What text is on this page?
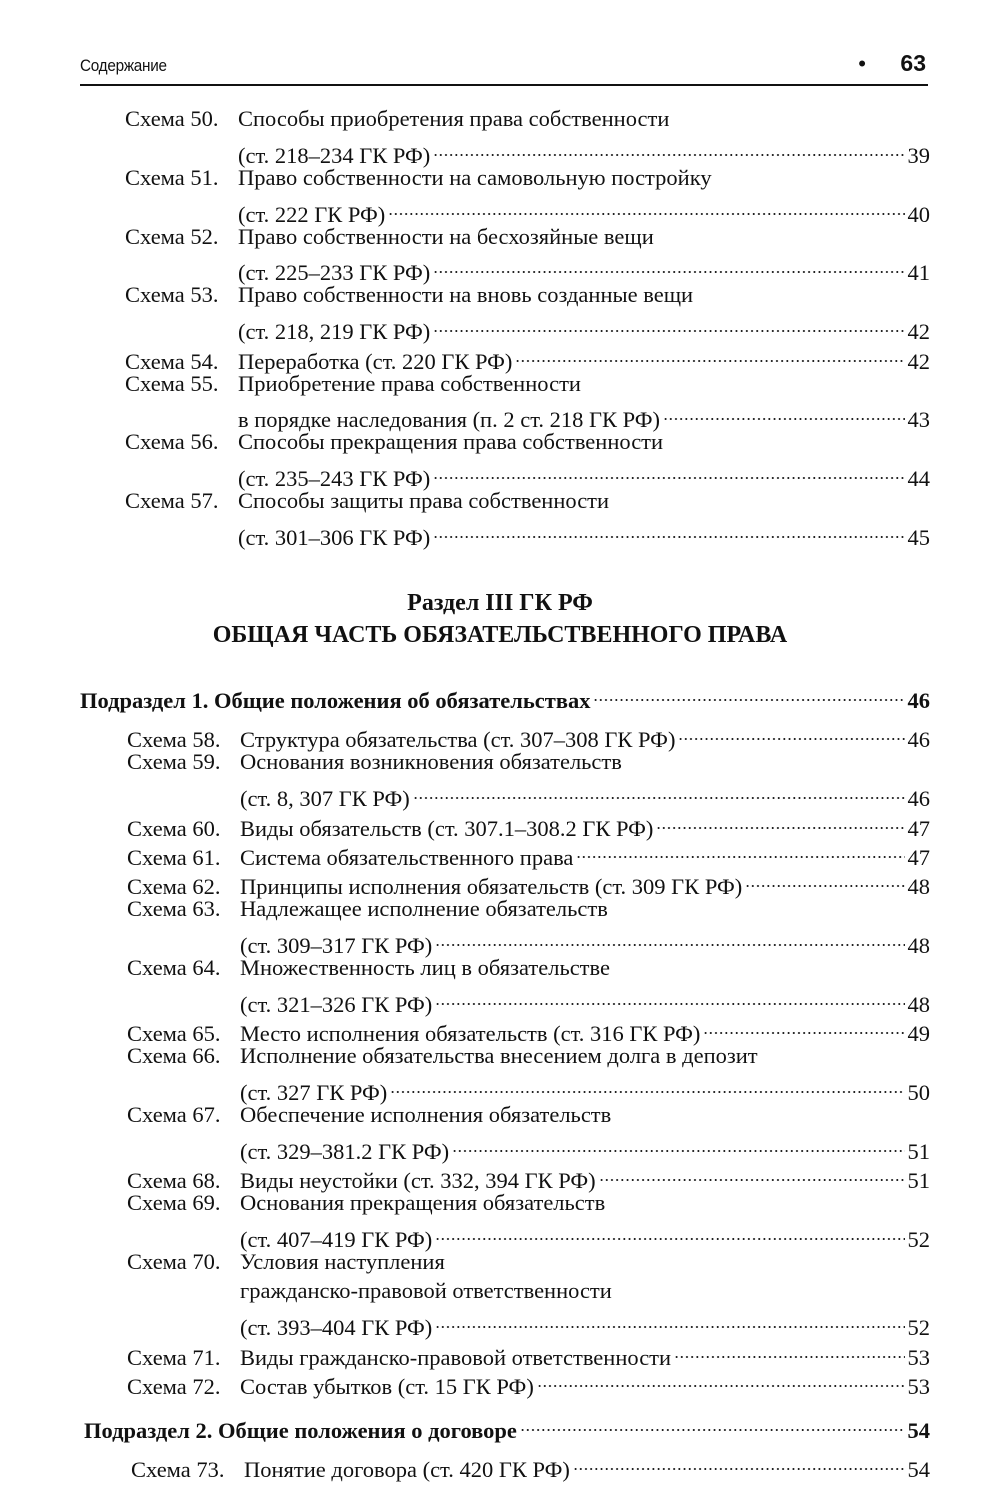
Содержание	• 63
Схема 50. Способы приобретения права собственности
(ст. 218–234 ГК РФ)	39
Схема 51. Право собственности на самовольную постройку
(ст. 222 ГК РФ)	40
Схема 52. Право собственности на бесхозяйные вещи
(ст. 225–233 ГК РФ)	41
Схема 53. Право собственности на вновь созданные вещи
(ст. 218, 219 ГК РФ)	42
Схема 54. Переработка (ст. 220 ГК РФ)	42
Схема 55. Приобретение права собственности
в порядке наследования (п. 2 ст. 218 ГК РФ)	43
Схема 56. Способы прекращения права собственности
(ст. 235–243 ГК РФ)	44
Схема 57. Способы защиты права собственности
(ст. 301–306 ГК РФ)	45
Раздел III ГК РФ
ОБЩАЯ ЧАСТЬ ОБЯЗАТЕЛЬСТВЕННОГО ПРАВА
Подраздел 1. Общие положения об обязательствах	46
Схема 58. Структура обязательства (ст. 307–308 ГК РФ)	46
Схема 59. Основания возникновения обязательств
(ст. 8, 307 ГК РФ)	46
Схема 60. Виды обязательств (ст. 307.1–308.2 ГК РФ)	47
Схема 61. Система обязательственного права	47
Схема 62. Принципы исполнения обязательств (ст. 309 ГК РФ)	48
Схема 63. Надлежащее исполнение обязательств
(ст. 309–317 ГК РФ)	48
Схема 64. Множественность лиц в обязательстве
(ст. 321–326 ГК РФ)	48
Схема 65. Место исполнения обязательств (ст. 316 ГК РФ)	49
Схема 66. Исполнение обязательства внесением долга в депозит
(ст. 327 ГК РФ)	50
Схема 67. Обеспечение исполнения обязательств
(ст. 329–381.2 ГК РФ)	51
Схема 68. Виды неустойки (ст. 332, 394 ГК РФ)	51
Схема 69. Основания прекращения обязательств
(ст. 407–419 ГК РФ)	52
Схема 70. Условия наступления
гражданско-правовой ответственности
(ст. 393–404 ГК РФ)	52
Схема 71. Виды гражданско-правовой ответственности	53
Схема 72. Состав убытков (ст. 15 ГК РФ)	53
Подраздел 2. Общие положения о договоре	54
Схема 73. Понятие договора (ст. 420 ГК РФ)	54
